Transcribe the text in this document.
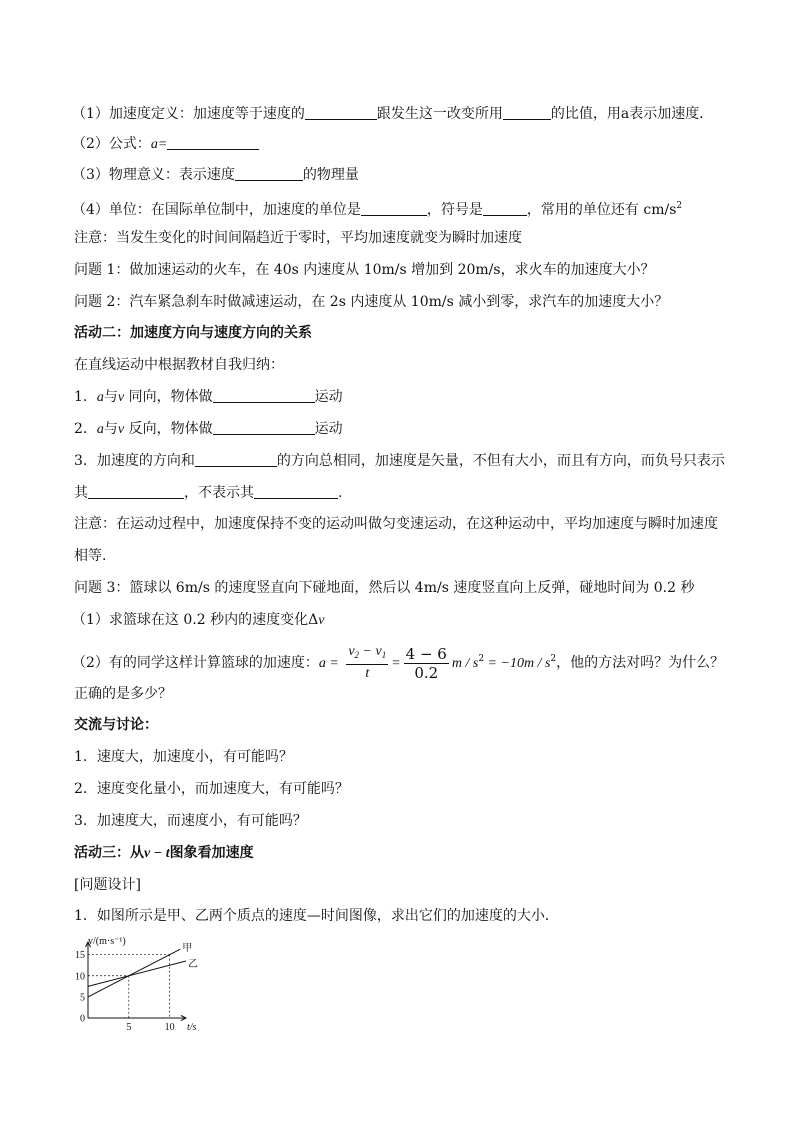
（1）加速度定义：加速度等于速度的	跟发生这一改变所用	的比值，用a表示加速度．
（2）公式：a=
（3）物理意义：表示速度	的物理量
（4）单位：在国际单位制中，加速度的单位是	，符号是	，常用的单位还有 $cm/s^2$
注意：当发生变化的时间间隔趋近于零时，平均加速度就变为瞬时加速度
问题 1：做加速运动的火车，在 40s 内速度从 10m/s 增加到 20m/s，求火车的加速度大小？
问题 2：汽车紧急刹车时做减速运动，在 2s 内速度从 10m/s 减小到零，求汽车的加速度大小？
活动二：加速度方向与速度方向的关系
在直线运动中根据教材自我归纳：
1．a与v 同向，物体做	运动
2．a与v 反向，物体做	运动
3．加速度的方向和	的方向总相同，加速度是矢量，不但有大小，而且有方向，而负号只表示
其	，不表示其	.
注意：在运动过程中，加速度保持不变的运动叫做匀变速运动，在这种运动中，平均加速度与瞬时加速度
相等.
问题 3：篮球以 6m/s 的速度竖直向下碰地面，然后以 4m/s 速度竖直向上反弹，碰地时间为 0.2 秒
（1）求篮球在这 0.2 秒内的速度变化Δv
（2）有的同学这样计算篮球的加速度：$a = \frac{v_2 - v_1}{t} = \frac{4 - 6}{0.2}$ $m / s^2 = -10m / s^2$，他的方法对吗？为什么？
正确的是多少？
交流与讨论：
1．速度大，加速度小，有可能吗？
2．速度变化量小，而加速度大，有可能吗？
3．加速度大，而速度小，有可能吗？
活动三：从v − t图象看加速度
[问题设计]
1．如图所示是甲、乙两个质点的速度—时间图像，求出它们的加速度的大小．
甲
乙
15
10
5
0
5	10 t/s
v/(m·s⁻¹)
